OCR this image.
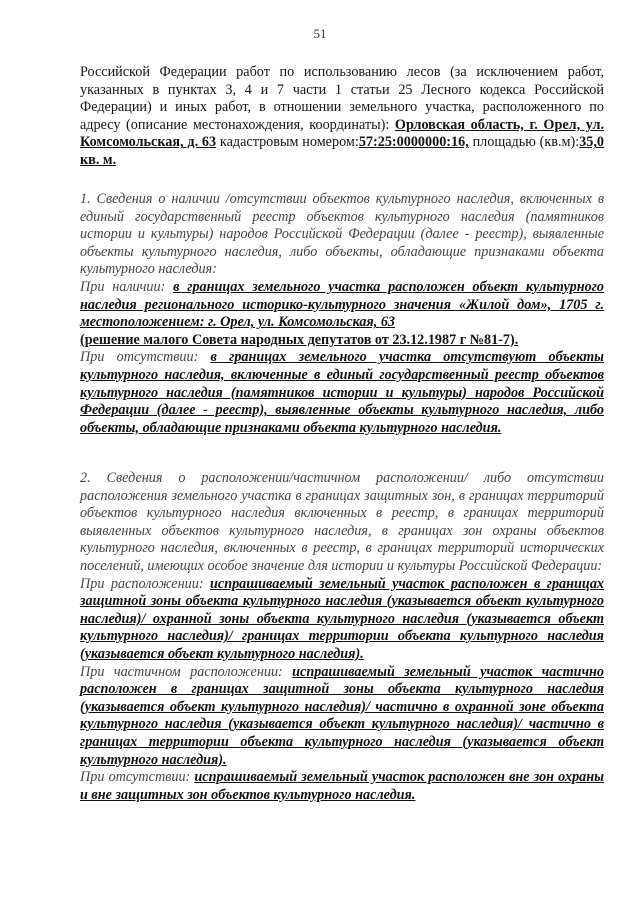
51
Российской Федерации работ по использованию лесов (за исключением работ, указанных в пунктах 3, 4 и 7 части 1 статьи 25 Лесного кодекса Российской Федерации) и иных работ, в отношении земельного участка, расположенного по адресу (описание местонахождения, координаты): Орловская область, г. Орел, ул. Комсомольская, д. 63 кадастровым номером:57:25:0000000:16, площадью (кв.м):35,0 кв. м.

1. Сведения о наличии /отсутствии объектов культурного наследия, включенных в единый государственный реестр объектов культурного наследия (памятников истории и культуры) народов Российской Федерации (далее - реестр), выявленные объекты культурного наследия, либо объекты, обладающие признаками объекта культурного наследия:

При наличии: в границах земельного участка расположен объект культурного наследия регионального историко-культурного значения «Жилой дом», 1705 г. местоположением: г. Орел, ул. Комсомольская, 63
(решение малого Совета народных депутатов от 23.12.1987 г №81-7).

При отсутствии: в границах земельного участка отсутствуют объекты культурного наследия, включенные в единый государственный реестр объектов культурного наследия (памятников истории и культуры) народов Российской Федерации (далее - реестр), выявленные объекты культурного наследия, либо объекты, обладающие признаками объекта культурного наследия.

2. Сведения о расположении/частичном расположении/ либо отсутствии расположения земельного участка в границах защитных зон, в границах территорий объектов культурного наследия включенных в реестр, в границах территорий выявленных объектов культурного наследия, в границах зон охраны объектов культурного наследия, включенных в реестр, в границах территорий исторических поселений, имеющих особое значение для истории и культуры Российской Федерации:

При расположении: испрашиваемый земельный участок расположен в границах защитной зоны объекта культурного наследия (указывается объект культурного наследия)/ охранной зоны объекта культурного наследия (указывается объект культурного наследия)/ границах территории объекта культурного наследия (указывается объект культурного наследия).

При частичном расположении: испрашиваемый земельный участок частично расположен в границах защитной зоны объекта культурного наследия (указывается объект культурного наследия)/ частично в охранной зоне объекта культурного наследия (указывается объект культурного наследия)/ частично в границах территории объекта культурного наследия (указывается объект культурного наследия).

При отсутствии: испрашиваемый земельный участок расположен вне зон охраны и вне защитных зон объектов культурного наследия.
